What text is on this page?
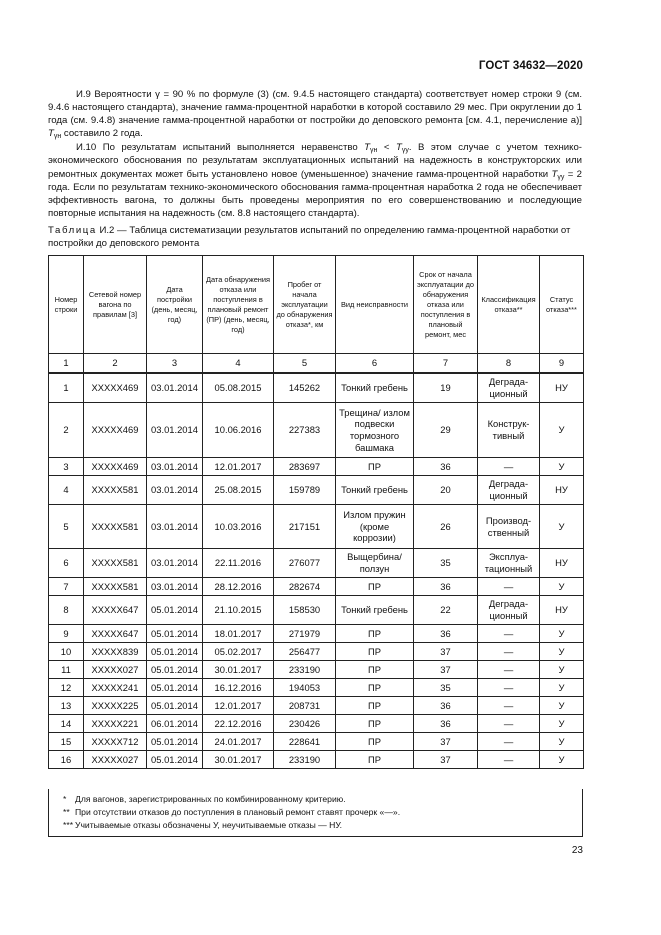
ГОСТ 34632—2020

И.9 Вероятности γ = 90 % по формуле (3) (см. 9.4.5 настоящего стандарта) соответствует номер строки 9 (см. 9.4.6 настоящего стандарта), значение гамма-процентной наработки в которой составило 29 мес. При округлении до 1 года (см. 9.4.8) значение гамма-процентной наработки от постройки до деповского ремонта [см. 4.1, перечисление а)] $T_{\gamma н}$ составило 2 года.

И.10 По результатам испытаний выполняется неравенство $T_{\gamma н} < T_{\gamma у}$. В этом случае с учетом технико-экономического обоснования по результатам эксплуатационных испытаний на надежность в конструкторских или ремонтных документах может быть установлено новое (уменьшенное) значение гамма-процентной наработки $T_{\gamma у} = 2$ года. Если по результатам технико-экономического обоснования гамма-процентная наработка 2 года не обеспечивает эффективность вагона, то должны быть проведены мероприятия по его совершенствованию и последующие повторные испытания на надежность (см. 8.8 настоящего стандарта).

Таблица И.2 — Таблица систематизации результатов испытаний по определению гамма-процентной наработки от постройки до деповского ремонта
Номер строки	Сетевой номер вагона по правилам [3]	Дата постройки (день, месяц, год)	Дата обнаружения отказа или поступления в плановый ремонт (ПР) (день, месяц, год)	Пробег от начала эксплуатации до обнаружения отказа*, км	Вид неисправности	Срок от начала эксплуатации до обнаружения отказа или поступления в плановый ремонт, мес	Классификация отказа**	Статус отказа***
1	2	3	4	5	6	7	8	9
1	XXXXX469	03.01.2014	05.08.2015	145262	Тонкий гребень	19	Деграда-ционный	НУ
2	XXXXX469	03.01.2014	10.06.2016	227383	Трещина/ излом подвески тормозного башмака	29	Конструк-тивный	У
3	XXXXX469	03.01.2014	12.01.2017	283697	ПР	36	—	У
4	XXXXX581	03.01.2014	25.08.2015	159789	Тонкий гребень	20	Деграда-ционный	НУ
5	XXXXX581	03.01.2014	10.03.2016	217151	Излом пружин (кроме коррозии)	26	Производ-ственный	У
6	XXXXX581	03.01.2014	22.11.2016	276077	Выщербина/ ползун	35	Эксплуа-тационный	НУ
7	XXXXX581	03.01.2014	28.12.2016	282674	ПР	36	—	У
8	XXXXX647	05.01.2014	21.10.2015	158530	Тонкий гребень	22	Деграда-ционный	НУ
9	XXXXX647	05.01.2014	18.01.2017	271979	ПР	36	—	У
10	XXXXX839	05.01.2014	05.02.2017	256477	ПР	37	—	У
11	XXXXX027	05.01.2014	30.01.2017	233190	ПР	37	—	У
12	XXXXX241	05.01.2014	16.12.2016	194053	ПР	35	—	У
13	XXXXX225	05.01.2014	12.01.2017	208731	ПР	36	—	У
14	XXXXX221	06.01.2014	22.12.2016	230426	ПР	36	—	У
15	XXXXX712	05.01.2014	24.01.2017	228641	ПР	37	—	У
16	XXXXX027	05.01.2014	30.01.2017	233190	ПР	37	—	У
* Для вагонов, зарегистрированных по комбинированному критерию.
** При отсутствии отказов до поступления в плановый ремонт ставят прочерк «—».
*** Учитываемые отказы обозначены У, неучитываемые отказы — НУ.
23
